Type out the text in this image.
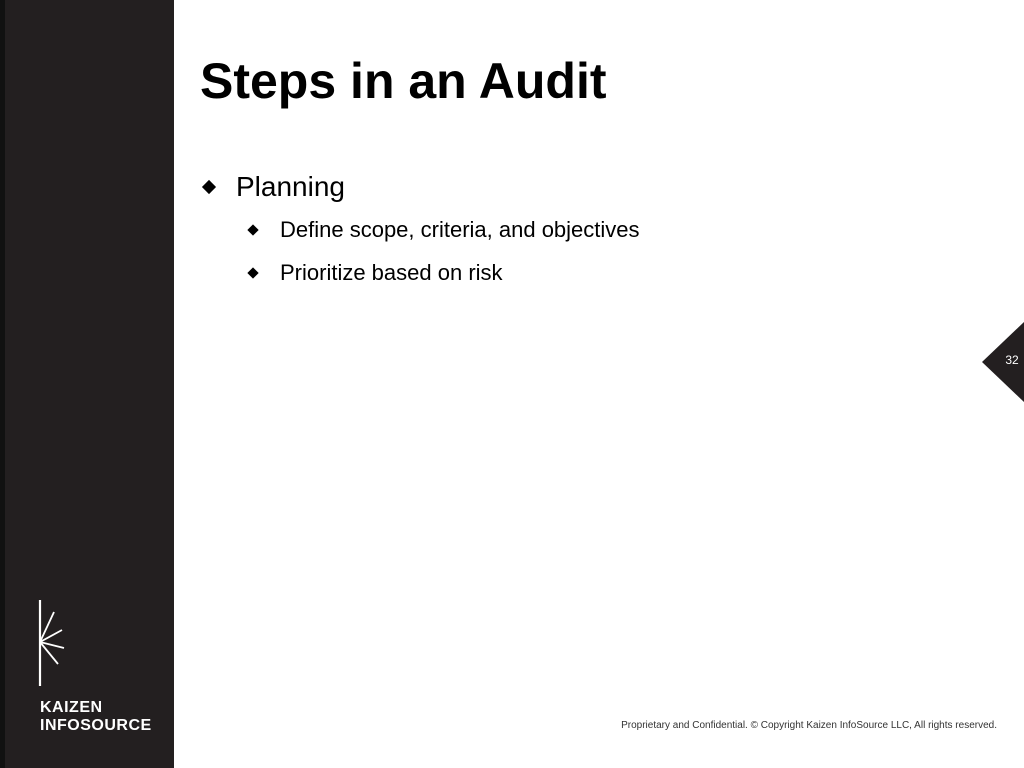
KAIZEN
INFOSOURCE
Steps in an Audit
Planning
Define scope, criteria, and objectives
Prioritize based on risk
32
Proprietary and Confidential. © Copyright Kaizen InfoSource LLC, All rights reserved.
